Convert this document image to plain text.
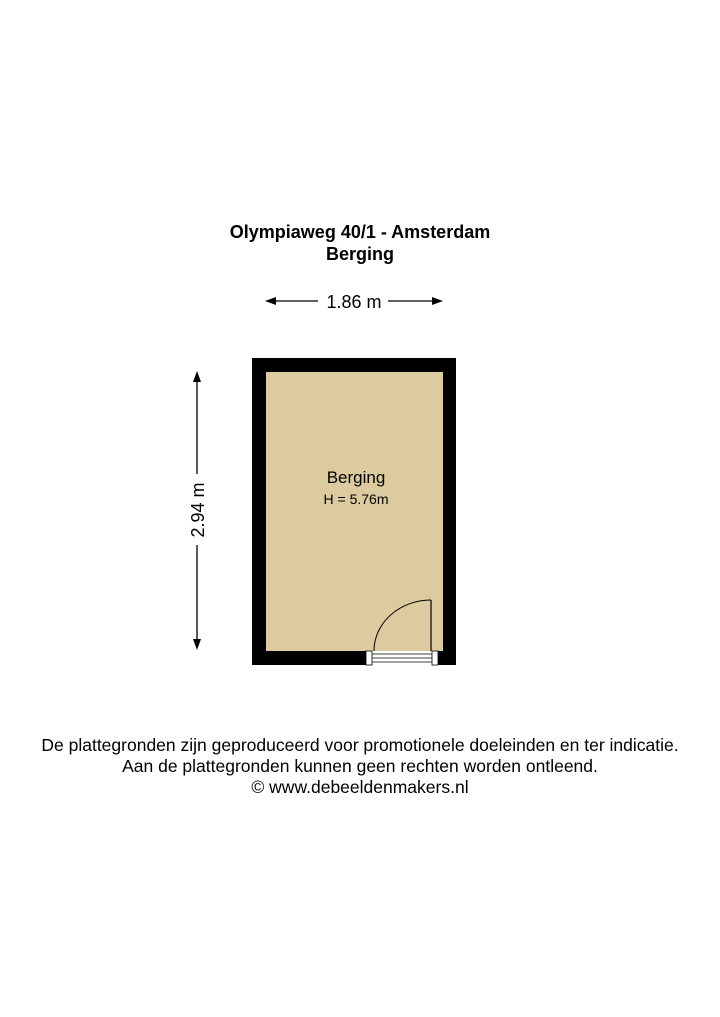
Olympiaweg 40/1 - Amsterdam
Berging
1.86 m
2.94 m
Berging
H = 5.76m
De plattegronden zijn geproduceerd voor promotionele doeleinden en ter indicatie.
Aan de plattegronden kunnen geen rechten worden ontleend.
© www.debeeldenmakers.nl
